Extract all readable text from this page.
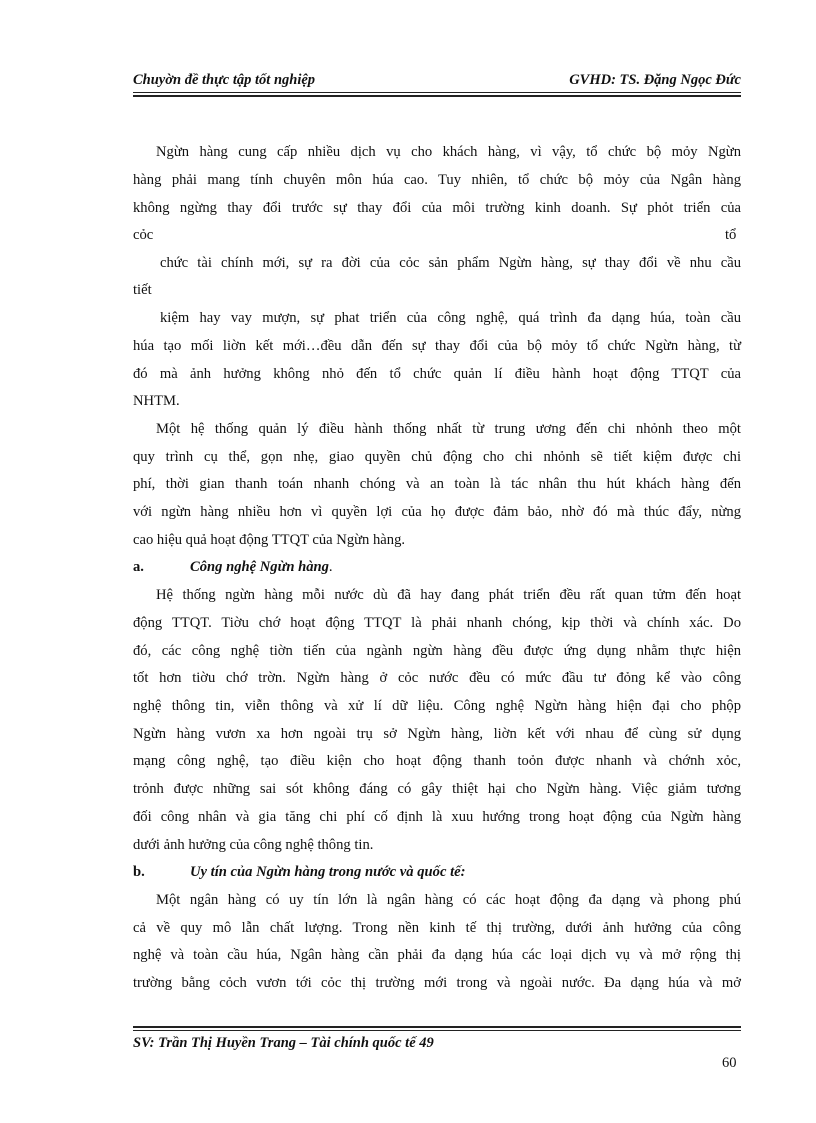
Chuyờn đề thực tập tốt nghiệp	GVHD: TS. Đặng Ngọc Đức
Ngừn hàng cung cấp nhiều dịch vụ cho khách hàng, vì vậy, tổ chức bộ mỏy Ngừn
hàng phải mang tính chuyên môn húa cao. Tuy nhiên, tổ chức bộ mỏy của Ngân hàng
không ngừng thay đổi trước sự thay đổi của môi trường kinh doanh. Sự phỏt triển của
cỏc	tổ
chức tài chính mới, sự ra đời của cỏc sản phẩm Ngừn hàng, sự thay đổi về nhu cầu
tiết
kiệm hay vay mượn, sự phat triển của công nghệ, quá trình đa dạng húa, toàn cầu
húa tạo mối liờn kết mới…đều dẫn đến sự thay đổi của bộ mỏy tổ chức Ngừn hàng, từ
đó mà ảnh hưởng không nhỏ đến tổ chức quản lí điều hành hoạt động TTQT của
NHTM.
Một hệ thống quản lý điều hành thống nhất từ trung ương đến chi nhỏnh theo một
quy trình cụ thể, gọn nhẹ, giao quyền chủ động cho chi nhỏnh sẽ tiết kiệm được chi
phí, thời gian thanh toán nhanh chóng và an toàn là tác nhân thu hút khách hàng đến
với ngừn hàng nhiều hơn vì quyền lợi của họ được đảm bảo, nhờ đó mà thúc đẩy, nừng
cao hiệu quả hoạt động TTQT của Ngừn hàng.
a.	Công nghệ Ngừn hàng.
Hệ thống ngừn hàng mỗi nước dù đã hay đang phát triển đều rất quan tửm đến hoạt
động TTQT. Tiờu chớ hoạt động TTQT là phải nhanh chóng, kịp thời và chính xác. Do
đó, các công nghệ tiờn tiến của ngành ngừn hàng đều được ứng dụng nhằm thực hiện
tốt hơn tiờu chớ trờn. Ngừn hàng ở cỏc nước đều có mức đầu tư đỏng kể vào công
nghệ thông tin, viễn thông và xử lí dữ liệu. Công nghệ Ngừn hàng hiện đại cho phộp
Ngừn hàng vươn xa hơn ngoài trụ sở Ngừn hàng, liờn kết với nhau để cùng sử dụng
mạng công nghệ, tạo điều kiện cho hoạt động thanh toỏn được nhanh và chớnh xỏc,
trỏnh được những sai sót không đáng có gây thiệt hại cho Ngừn hàng. Việc giảm tương
đối công nhân và gia tăng chi phí cố định là xuu hướng trong hoạt động của Ngừn hàng
dưới ảnh hưởng của công nghệ thông tin.
b.	Uy tín của Ngừn hàng trong nước và quốc tế:
Một ngân hàng có uy tín lớn là ngân hàng có các hoạt động đa dạng và phong phú
cả về quy mô lẫn chất lượng. Trong nền kinh tế thị trường, dưới ảnh hưởng của công
nghệ và toàn cầu húa, Ngân hàng cần phải đa dạng húa các loại dịch vụ và mở rộng thị
trường bằng cỏch vươn tới cỏc thị trường mới trong và ngoài nước. Đa dạng húa và mở
SV: Trần Thị Huyền Trang – Tài chính quốc tế 49
60
